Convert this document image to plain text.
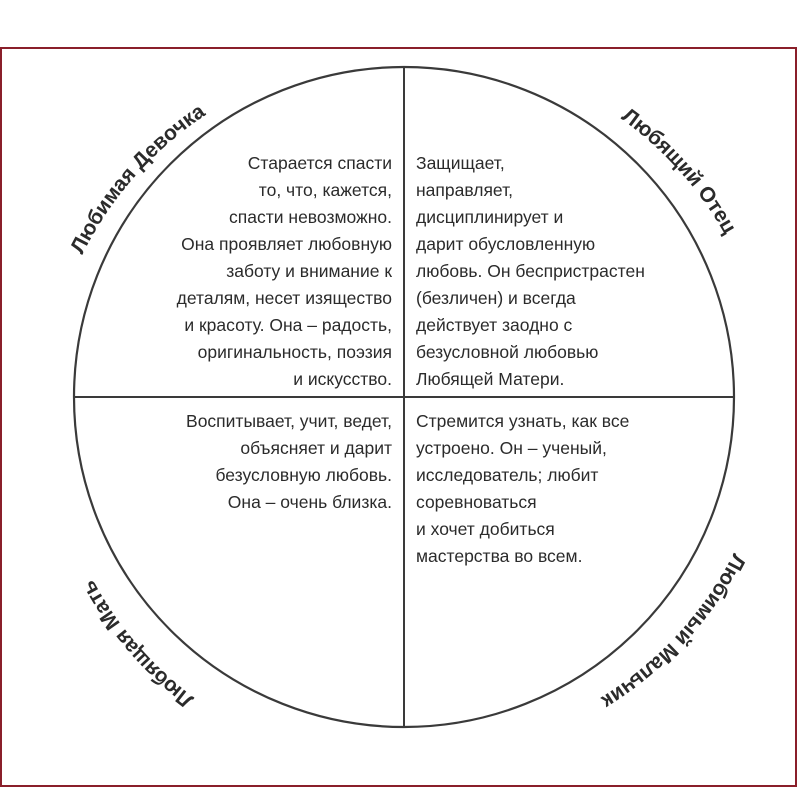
Любимая Девочка	Любящий Отец
Любящая Мать
Любимый Мальчик
Старается спасти
то, что, кажется,
спасти невозможно.
Она проявляет любовную
заботу и внимание к
деталям, несет изящество
и красоту. Она – радость,
оригинальность, поэзия
и искусство.
Защищает,
направляет,
дисциплинирует и
дарит обусловленную
любовь. Он беспристрастен
(безличен) и всегда
действует заодно с
безусловной любовью
Любящей Матери.
Воспитывает, учит, ведет,
объясняет и дарит
безусловную любовь.
Она – очень близка.
Стремится узнать, как все
устроено. Он – ученый,
исследователь; любит
соревноваться
и хочет добиться
мастерства во всем.
